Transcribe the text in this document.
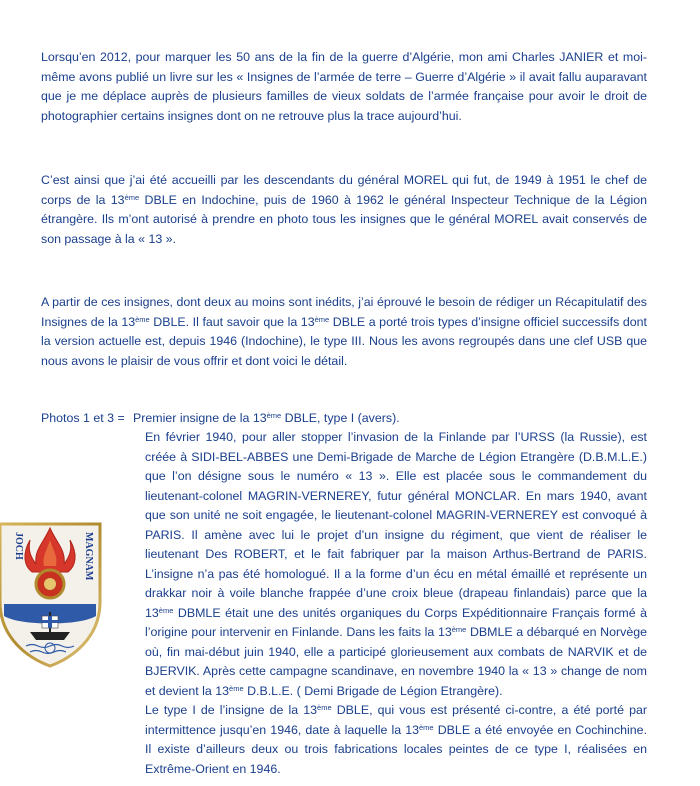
Lorsqu’en 2012, pour marquer les 50 ans de la fin de la guerre d’Algérie, mon ami Charles JANIER et moi-même avons publié un livre sur les « Insignes de l’armée de terre – Guerre d’Algérie » il avait fallu auparavant que je me déplace auprès de plusieurs familles de vieux soldats de l’armée française pour avoir le droit de photographier certains insignes dont on ne retrouve plus la trace aujourd’hui.

C’est ainsi que j’ai été accueilli par les descendants du général MOREL qui fut, de 1949 à 1951 le chef de corps de la 13ème DBLE en Indochine, puis de 1960 à 1962 le général Inspecteur Technique de la Légion étrangère. Ils m’ont autorisé à prendre en photo tous les insignes que le général MOREL avait conservés de son passage à la « 13 ».

A partir de ces insignes, dont deux au moins sont inédits, j’ai éprouvé le besoin de rédiger un Récapitulatif des Insignes de la 13ème DBLE. Il faut savoir que la 13ème DBLE a porté trois types d’insigne officiel successifs dont la version actuelle est, depuis 1946 (Indochine), le type III. Nous les avons regroupés dans une clef USB que nous avons le plaisir de vous offrir et dont voici le détail.

Photos 1 et 3 = Premier insigne de la 13ème DBLE, type I (avers).

En février 1940, pour aller stopper l’invasion de la Finlande par l’URSS (la Russie), est créée à SIDI-BEL-ABBES une Demi-Brigade de Marche de Légion Etrangère (D.B.M.L.E.) que l’on désigne sous le numéro « 13 ». Elle est placée sous le commandement du lieutenant-colonel MAGRIN-VERNEREY, futur général MONCLAR. En mars 1940, avant que son unité ne soit engagée, le lieutenant-colonel MAGRIN-VERNEREY est convoqué à PARIS. Il amène avec lui le projet d’un insigne du régiment, que vient de réaliser le lieutenant Des ROBERT, et le fait fabriquer par la maison Arthus-Bertrand de PARIS. L’insigne n’a pas été homologué. Il a la forme d’un écu en métal émaillé et représente un drakkar noir à voile blanche frappée d’une croix bleue (drapeau finlandais) parce que la 13ème DBMLE était une des unités organiques du Corps Expéditionnaire Français formé à l’origine pour intervenir en Finlande. Dans les faits la 13ème DBMLE a débarqué en Norvège où, fin mai-début juin 1940, elle a participé glorieusement aux combats de NARVIK et de BJERVIK. Après cette campagne scandinave, en novembre 1940 la « 13 » change de nom et devient la 13ème D.B.L.E. ( Demi Brigade de Légion Etrangère).
Le type I de l’insigne de la 13ème DBLE, qui vous est présenté ci-contre, a été porté par intermittence jusqu’en 1946, date à laquelle la 13ème DBLE a été envoyée en Cochinchine. Il existe d’ailleurs deux ou trois fabrications locales peintes de ce type I, réalisées en Extrême-Orient en 1946.
JOCH	MAGNAM
